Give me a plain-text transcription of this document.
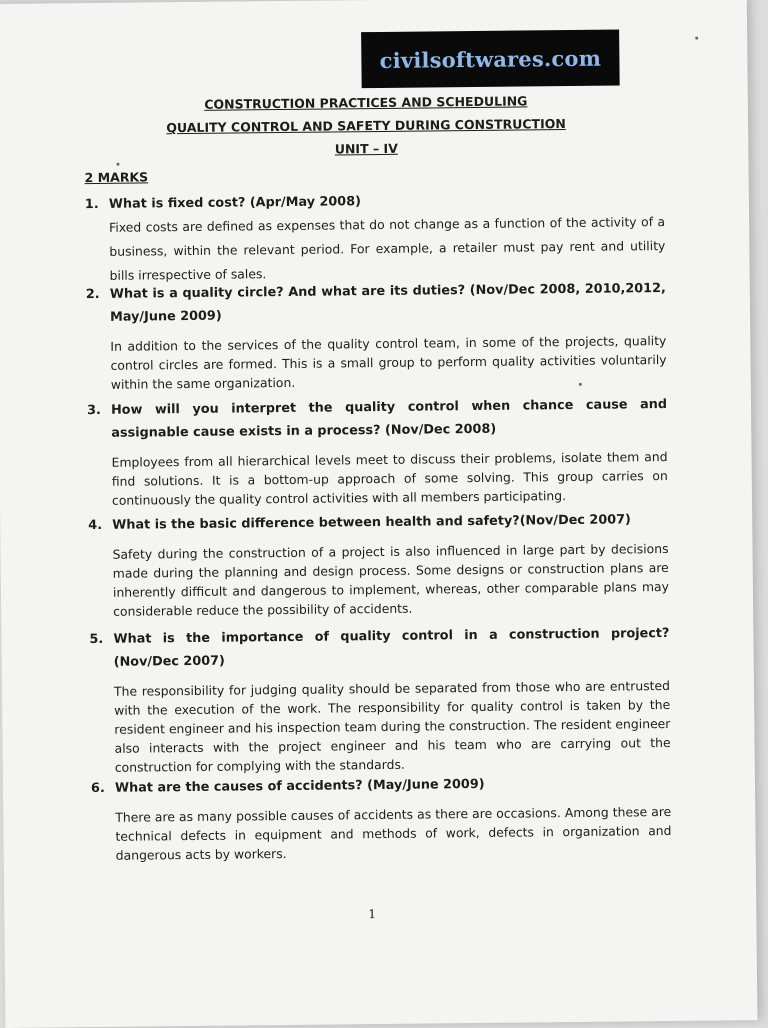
civilsoftwares.com
CONSTRUCTION PRACTICES AND SCHEDULING
QUALITY CONTROL AND SAFETY DURING CONSTRUCTION
UNIT – IV
2 MARKS
1. What is fixed cost? (Apr/May 2008)
Fixed costs are defined as expenses that do not change as a function of the activity of a business, within the relevant period. For example, a retailer must pay rent and utility bills irrespective of sales.
2. What is a quality circle? And what are its duties? (Nov/Dec 2008, 2010,2012, May/June 2009)
In addition to the services of the quality control team, in some of the projects, quality control circles are formed. This is a small group to perform quality activities voluntarily within the same organization.
3. How will you interpret the quality control when chance cause and assignable cause exists in a process? (Nov/Dec 2008)
Employees from all hierarchical levels meet to discuss their problems, isolate them and find solutions. It is a bottom-up approach of some solving. This group carries on continuously the quality control activities with all members participating.
4. What is the basic difference between health and safety?(Nov/Dec 2007)
Safety during the construction of a project is also influenced in large part by decisions made during the planning and design process. Some designs or construction plans are inherently difficult and dangerous to implement, whereas, other comparable plans may considerable reduce the possibility of accidents.
5. What is the importance of quality control in a construction project? (Nov/Dec 2007)
The responsibility for judging quality should be separated from those who are entrusted with the execution of the work. The responsibility for quality control is taken by the resident engineer and his inspection team during the construction. The resident engineer also interacts with the project engineer and his team who are carrying out the construction for complying with the standards.
6. What are the causes of accidents? (May/June 2009)
There are as many possible causes of accidents as there are occasions. Among these are technical defects in equipment and methods of work, defects in organization and dangerous acts by workers.
1
